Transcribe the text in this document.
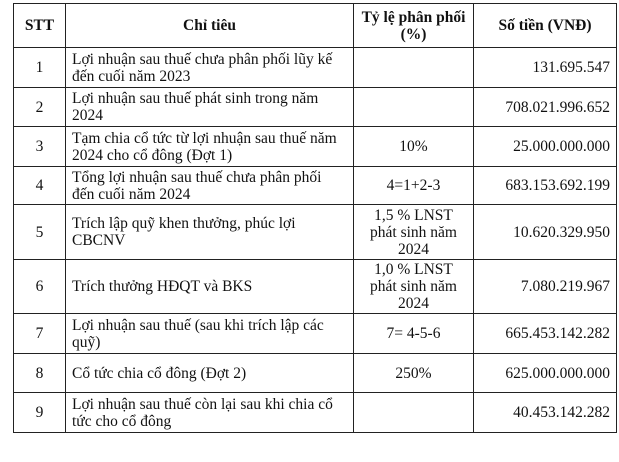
STT	Chỉ tiêu	Tỷ lệ phân phối (%)	Số tiền (VNĐ)
1	Lợi nhuận sau thuế chưa phân phối lũy kế đến cuối năm 2023		131.695.547
2	Lợi nhuận sau thuế phát sinh trong năm 2024		708.021.996.652
3	Tạm chia cổ tức từ lợi nhuận sau thuế năm 2024 cho cổ đông (Đợt 1)	10%	25.000.000.000
4	Tổng lợi nhuận sau thuế chưa phân phối đến cuối năm 2024	4=1+2-3	683.153.692.199
5	Trích lập quỹ khen thưởng, phúc lợi CBCNV	1,5 % LNST phát sinh năm 2024	10.620.329.950
6	Trích thưởng HĐQT và BKS	1,0 % LNST phát sinh năm 2024	7.080.219.967
7	Lợi nhuận sau thuế (sau khi trích lập các quỹ)	7= 4-5-6	665.453.142.282
8	Cổ tức chia cổ đông (Đợt 2)	250%	625.000.000.000
9	Lợi nhuận sau thuế còn lại sau khi chia cổ tức cho cổ đông		40.453.142.282
